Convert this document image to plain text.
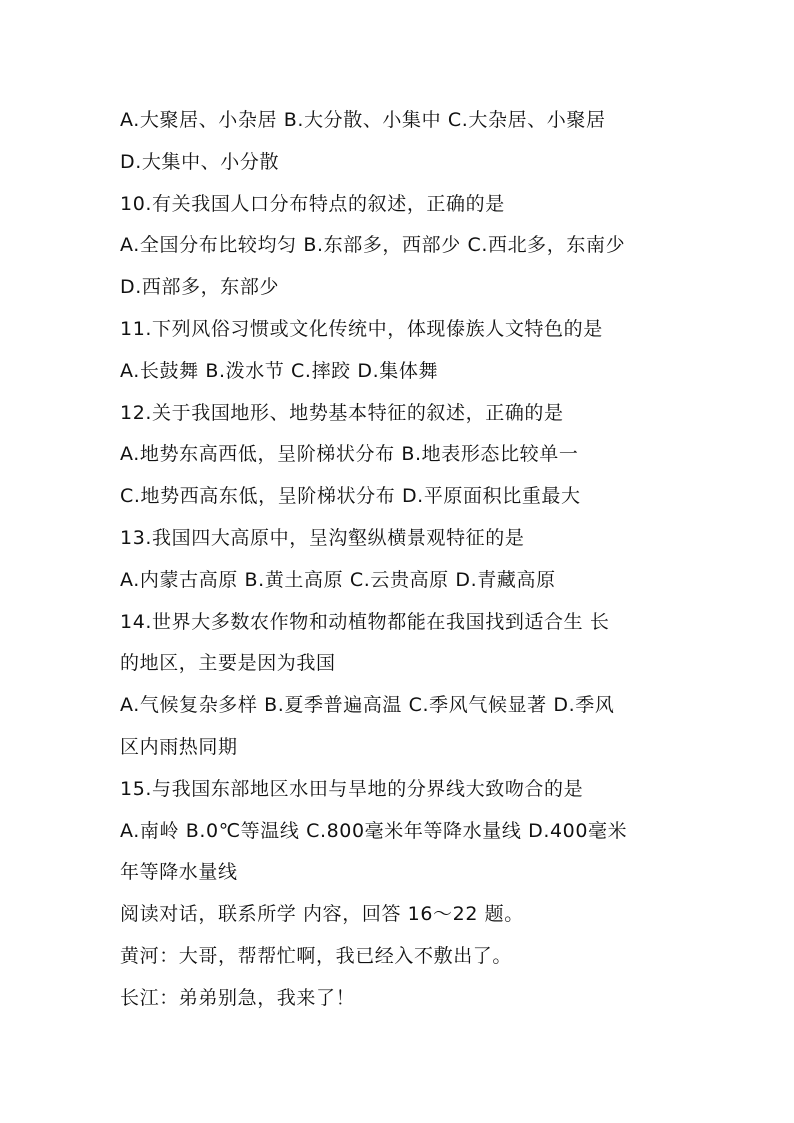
A.大聚居、小杂居 B.大分散、小集中 C.大杂居、小聚居
D.大集中、小分散
10.有关我国人口分布特点的叙述，正确的是
A.全国分布比较均匀 B.东部多，西部少 C.西北多，东南少
D.西部多，东部少
11.下列风俗习惯或文化传统中，体现傣族人文特色的是
A.长鼓舞 B.泼水节 C.摔跤 D.集体舞
12.关于我国地形、地势基本特征的叙述，正确的是
A.地势东高西低，呈阶梯状分布 B.地表形态比较单一
C.地势西高东低，呈阶梯状分布 D.平原面积比重最大
13.我国四大高原中，呈沟壑纵横景观特征的是
A.内蒙古高原 B.黄土高原 C.云贵高原 D.青藏高原
14.世界大多数农作物和动植物都能在我国找到适合生 长
的地区，主要是因为我国
A.气候复杂多样 B.夏季普遍高温 C.季风气候显著 D.季风
区内雨热同期
15.与我国东部地区水田与旱地的分界线大致吻合的是
A.南岭 B.0℃等温线 C.800毫米年等降水量线 D.400毫米
年等降水量线
阅读对话，联系所学 内容，回答 16～22 题。
黄河：大哥，帮帮忙啊，我已经入不敷出了。
长江：弟弟别急，我来了！
